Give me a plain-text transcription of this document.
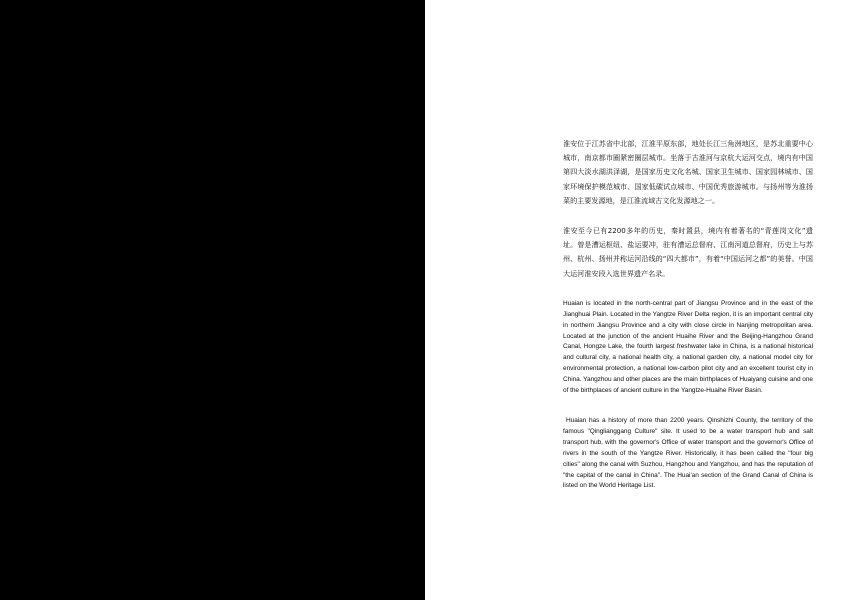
淮安位于江苏省中北部，江淮平原东部，地处长江三角洲地区，是苏北重要中心城市，南京都市圈紧密圈层城市。坐落于古淮河与京杭大运河交点，境内有中国第四大淡水湖洪泽湖，是国家历史文化名城、国家卫生城市、国家园林城市、国家环境保护模范城市、国家低碳试点城市、中国优秀旅游城市。与扬州等为淮扬菜的主要发源地，是江淮流域古文化发源地之一。

淮安至今已有2200多年的历史，秦时置县，境内有着著名的“青莲岗文化”遗址。曾是漕运枢纽、盐运要冲，驻有漕运总督府、江南河道总督府，历史上与苏州、杭州、扬州并称运河沿线的“四大都市”，有着“中国运河之都”的美誉。中国大运河淮安段入选世界遗产名录。

Huaian is located in the north-central part of Jiangsu Province and in the east of the Jianghuai Plain. Located in the Yangtze River Delta region, it is an important central city in northern Jiangsu Province and a city with close circle in Nanjing metropolitan area. Located at the junction of the ancient Huaihe River and the Beijing-Hangzhou Grand Canal, Hongze Lake, the fourth largest freshwater lake in China, is a national historical and cultural city, a national health city, a national garden city, a national model city for environmental protection, a national low-carbon pilot city and an excellent tourist city in China. Yangzhou and other places are the main birthplaces of Huaiyang cuisine and one of the birthplaces of ancient culture in the Yangtze-Huaihe River Basin.

Huaian has a history of more than 2200 years. Qinshizhi County, the territory of the famous "Qinglianggang Culture" site. It used to be a water transport hub and salt transport hub, with the governor's Office of water transport and the governor's Office of rivers in the south of the Yangtze River. Historically, it has been called the "four big cities" along the canal with Suzhou, Hangzhou and Yangzhou, and has the reputation of "the capital of the canal in China". The Huai'an section of the Grand Canal of China is listed on the World Heritage List.
